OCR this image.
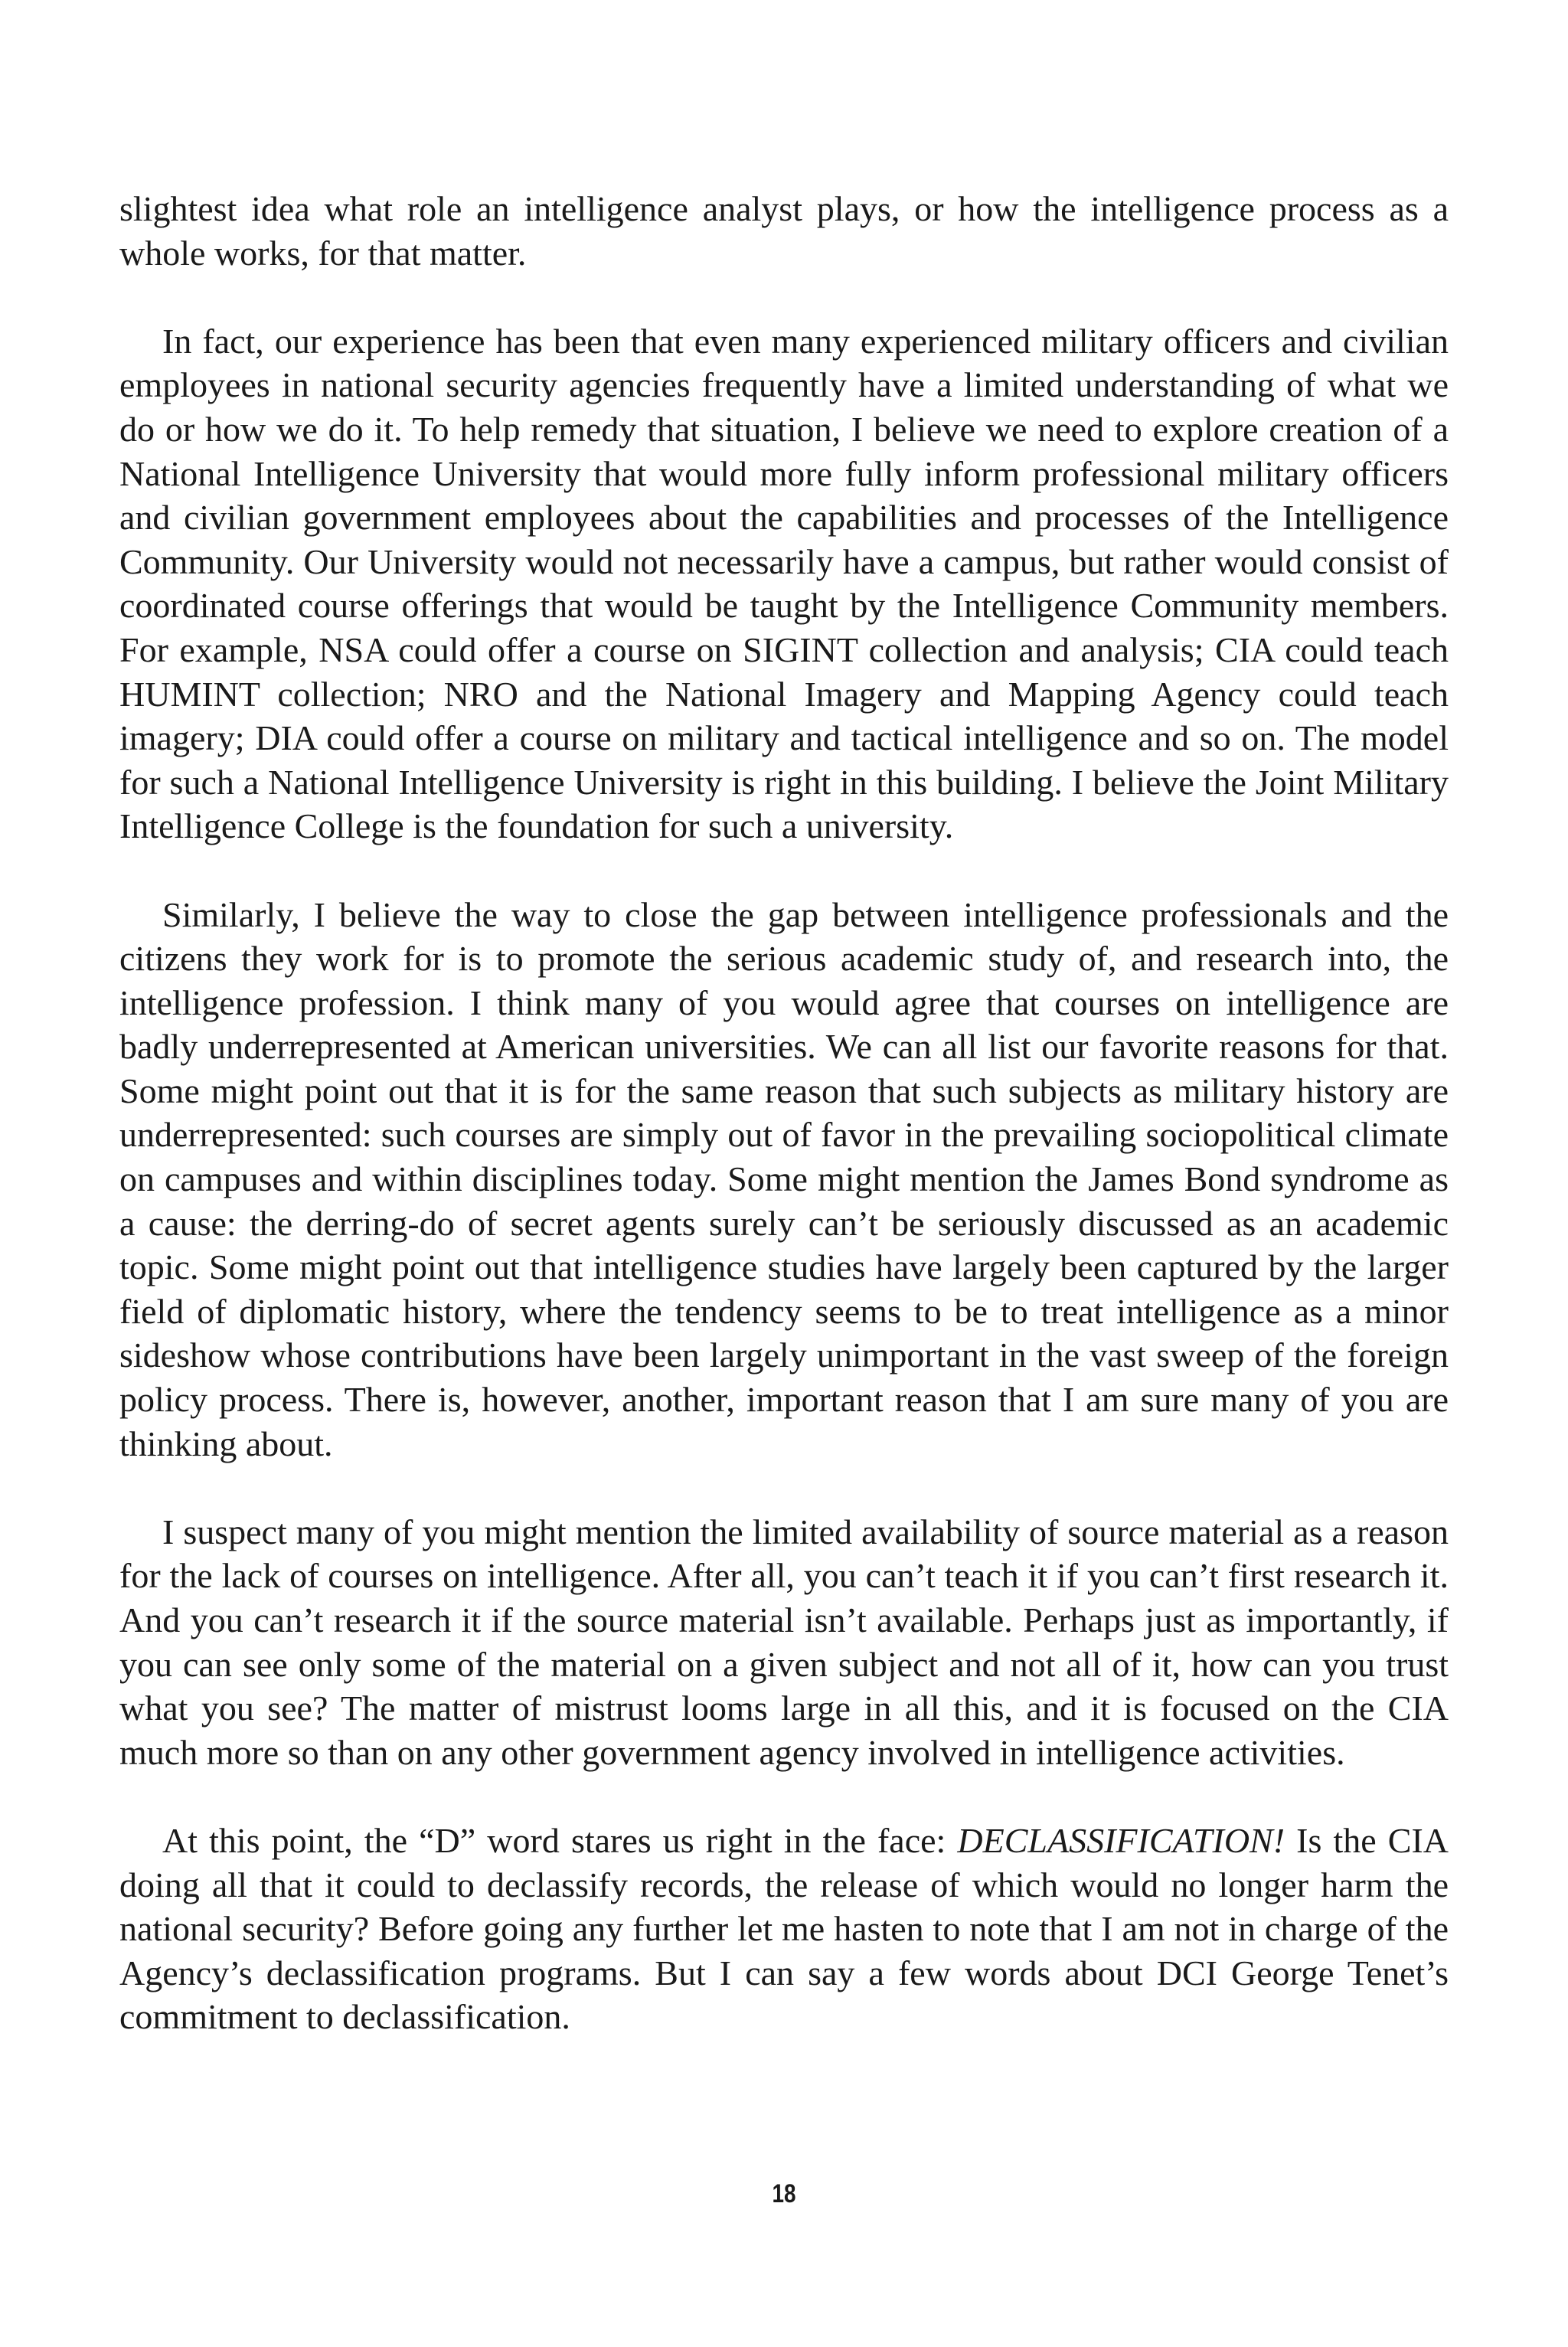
slightest idea what role an intelligence analyst plays, or how the intelligence process as a whole works, for that matter.

In fact, our experience has been that even many experienced military officers and civilian employees in national security agencies frequently have a limited understanding of what we do or how we do it. To help remedy that situation, I believe we need to explore creation of a National Intelligence University that would more fully inform professional military officers and civilian government employees about the capabilities and processes of the Intelligence Community. Our University would not necessarily have a campus, but rather would consist of coordinated course offerings that would be taught by the Intelligence Community members. For example, NSA could offer a course on SIGINT collection and analysis; CIA could teach HUMINT collection; NRO and the National Imagery and Mapping Agency could teach imagery; DIA could offer a course on military and tactical intelligence and so on. The model for such a National Intelligence University is right in this building. I believe the Joint Military Intelligence College is the foundation for such a university.

Similarly, I believe the way to close the gap between intelligence professionals and the citizens they work for is to promote the serious academic study of, and research into, the intelligence profession. I think many of you would agree that courses on intelligence are badly underrepresented at American universities. We can all list our favorite reasons for that. Some might point out that it is for the same reason that such subjects as military history are underrepresented: such courses are simply out of favor in the prevailing sociopolitical climate on campuses and within disciplines today. Some might mention the James Bond syndrome as a cause: the derring-do of secret agents surely can’t be seriously discussed as an academic topic. Some might point out that intelligence studies have largely been captured by the larger field of diplomatic history, where the tendency seems to be to treat intelligence as a minor sideshow whose contributions have been largely unimportant in the vast sweep of the foreign policy process. There is, however, another, important reason that I am sure many of you are thinking about.

I suspect many of you might mention the limited availability of source material as a reason for the lack of courses on intelligence. After all, you can’t teach it if you can’t first research it. And you can’t research it if the source material isn’t available. Perhaps just as importantly, if you can see only some of the material on a given subject and not all of it, how can you trust what you see? The matter of mistrust looms large in all this, and it is focused on the CIA much more so than on any other government agency involved in intelligence activities.

At this point, the “D” word stares us right in the face: DECLASSIFICATION! Is the CIA doing all that it could to declassify records, the release of which would no longer harm the national security? Before going any further let me hasten to note that I am not in charge of the Agency’s declassification programs. But I can say a few words about DCI George Tenet’s commitment to declassification.

18
